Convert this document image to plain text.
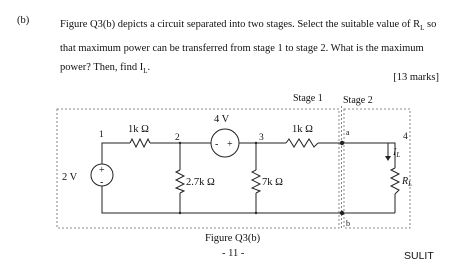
(b)	Figure Q3(b) depicts a circuit separated into two stages. Select the suitable value of $R_L$ so
that maximum power can be transferred from stage 1 to stage 2. What is the maximum
power? Then, find $I_L$.
[13 marks]
1	2	3	4
a
b
1k Ω	1k Ω
2.7k Ω	7k Ω
4 V
2 V
+
-
- +
$I_L$
$R_L$
Stage 1 Stage 2
Figure Q3(b)
- 11 -	SULIT
